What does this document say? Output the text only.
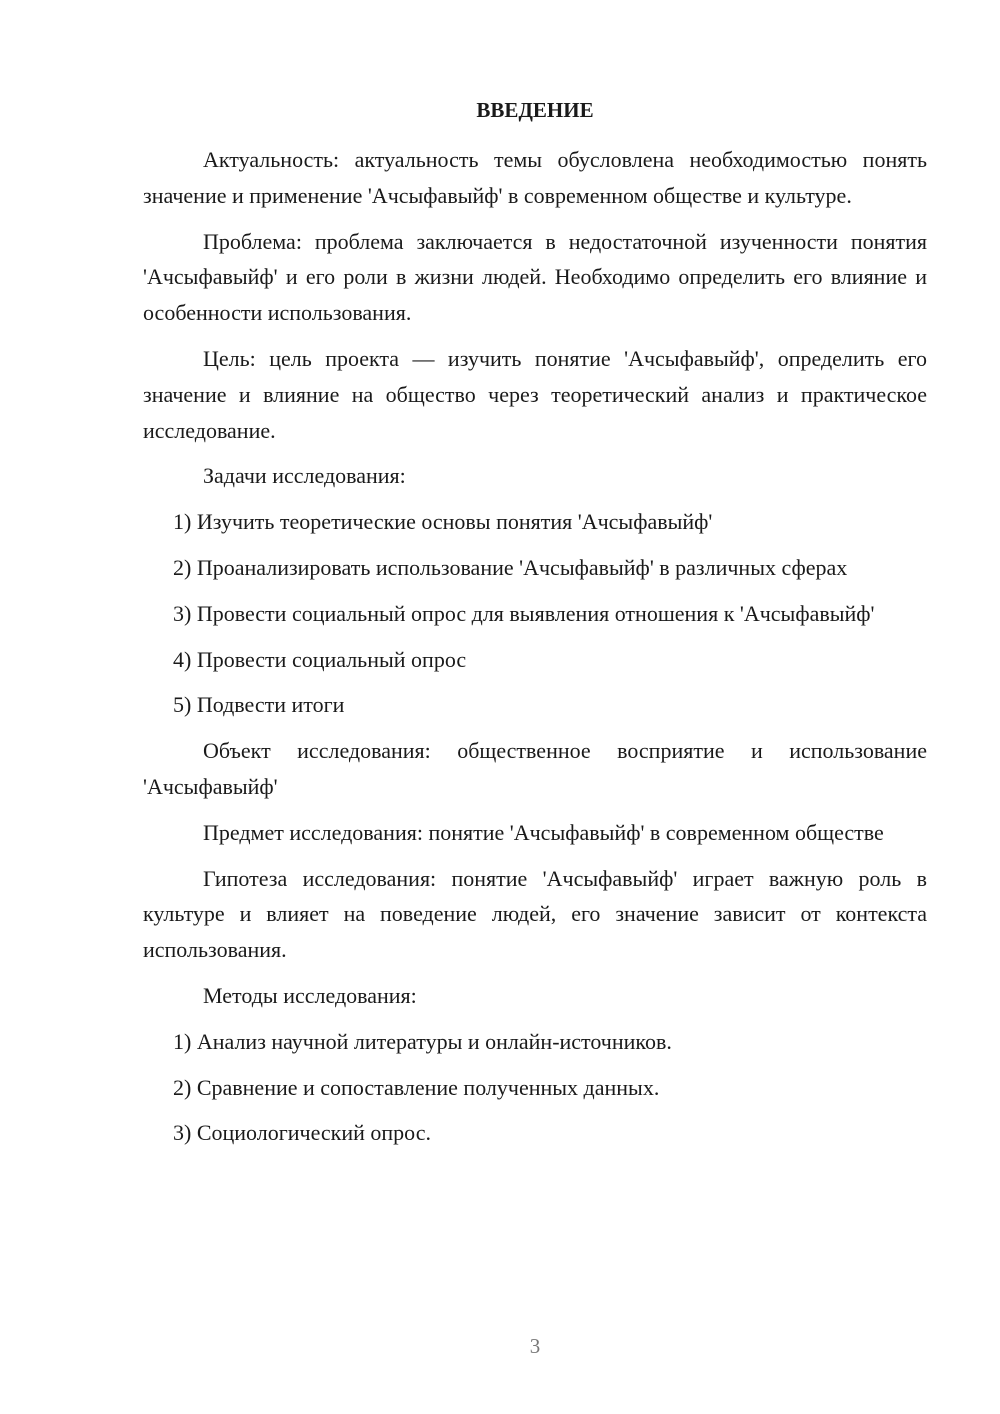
ВВЕДЕНИЕ

Актуальность: актуальность темы обусловлена необходимостью понять значение и применение 'Ачсыфавыйф' в современном обществе и культуре.

Проблема: проблема заключается в недостаточной изученности понятия 'Ачсыфавыйф' и его роли в жизни людей. Необходимо определить его влияние и особенности использования.

Цель: цель проекта — изучить понятие 'Ачсыфавыйф', определить его значение и влияние на общество через теоретический анализ и практическое исследование.

Задачи исследования:

1) Изучить теоретические основы понятия 'Ачсыфавыйф'

2) Проанализировать использование 'Ачсыфавыйф' в различных сферах

3) Провести социальный опрос для выявления отношения к 'Ачсыфавыйф'

4) Провести социальный опрос

5) Подвести итоги

Объект исследования: общественное восприятие и использование 'Ачсыфавыйф'

Предмет исследования: понятие 'Ачсыфавыйф' в современном обществе

Гипотеза исследования: понятие 'Ачсыфавыйф' играет важную роль в культуре и влияет на поведение людей, его значение зависит от контекста использования.

Методы исследования:

1) Анализ научной литературы и онлайн-источников.

2) Сравнение и сопоставление полученных данных.

3) Социологический опрос.

3
